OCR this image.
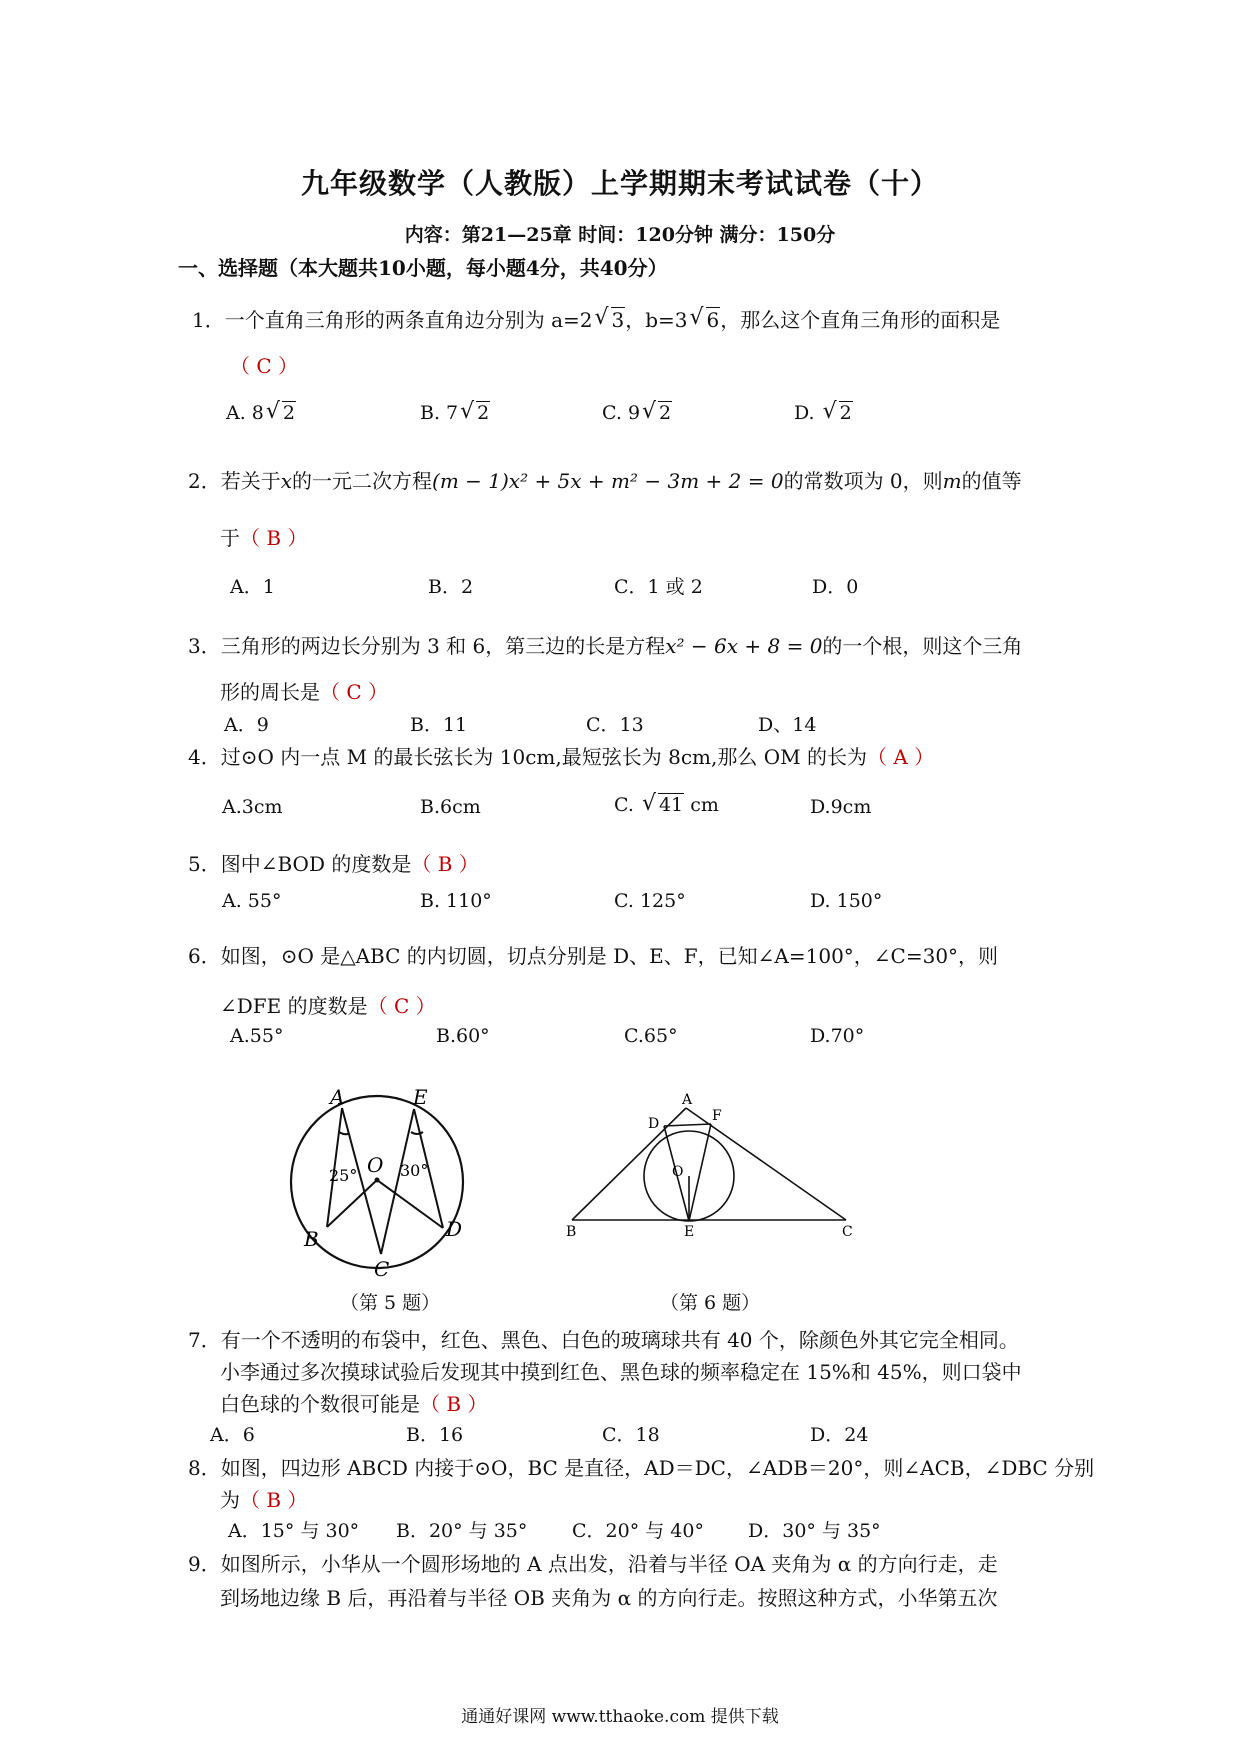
九年级数学（人教版）上学期期末考试试卷（十）
内容：第21—25章 时间：120分钟 满分：150分
一、选择题（本大题共10小题，每小题4分，共40分）
1．一个直角三角形的两条直角边分别为 a=2 √ 3，b=3 √ 6，那么这个直角三角形的面积是
（ C ）
A. 8 √ 2	B. 7 √ 2	C. 9 √ 2	D. √ 2
2．若关于x的一元二次方程(m − 1)x² + 5x + m² − 3m + 2 = 0的常数项为 0，则m的值等
于（ B ）
A．1	B．2	C．1 或 2	D．0
3．三角形的两边长分别为 3 和 6，第三边的长是方程x² − 6x + 8 = 0的一个根，则这个三角
形的周长是（ C ）
A．9	B．11	C．13	D、14
4．过⊙O 内一点 M 的最长弦长为 10cm,最短弦长为 8cm,那么 OM 的长为（ A ）
A.3cm	B.6cm	C. √ 41 cm	D.9cm
5．图中∠BOD 的度数是（ B ）
A. 55°	B. 110°	C. 125°	D. 150°
6．如图，⊙O 是△ABC 的内切圆，切点分别是 D、E、F，已知∠A=100°，∠C=30°，则
∠DFE 的度数是（ C ）
A.55°	B.60°	C.65°	D.70°
A	E
O
25°	30°
B
C
D
（第 5 题）
A
F
D
O
B	E	C
（第 6 题）
7．有一个不透明的布袋中，红色、黑色、白色的玻璃球共有 40 个，除颜色外其它完全相同。
小李通过多次摸球试验后发现其中摸到红色、黑色球的频率稳定在 15%和 45%，则口袋中
白色球的个数很可能是（ B ）
A．6	B．16	C．18	D．24
8．如图，四边形 ABCD 内接于⊙O，BC 是直径，AD＝DC，∠ADB＝20°，则∠ACB，∠DBC 分别
为（ B ）
A．15° 与 30° B．20° 与 35° C．20° 与 40° D．30° 与 35°
9．如图所示，小华从一个圆形场地的 A 点出发，沿着与半径 OA 夹角为 α 的方向行走，走
到场地边缘 B 后，再沿着与半径 OB 夹角为 α 的方向行走。按照这种方式，小华第五次
通通好课网 www.tthaoke.com 提供下载
